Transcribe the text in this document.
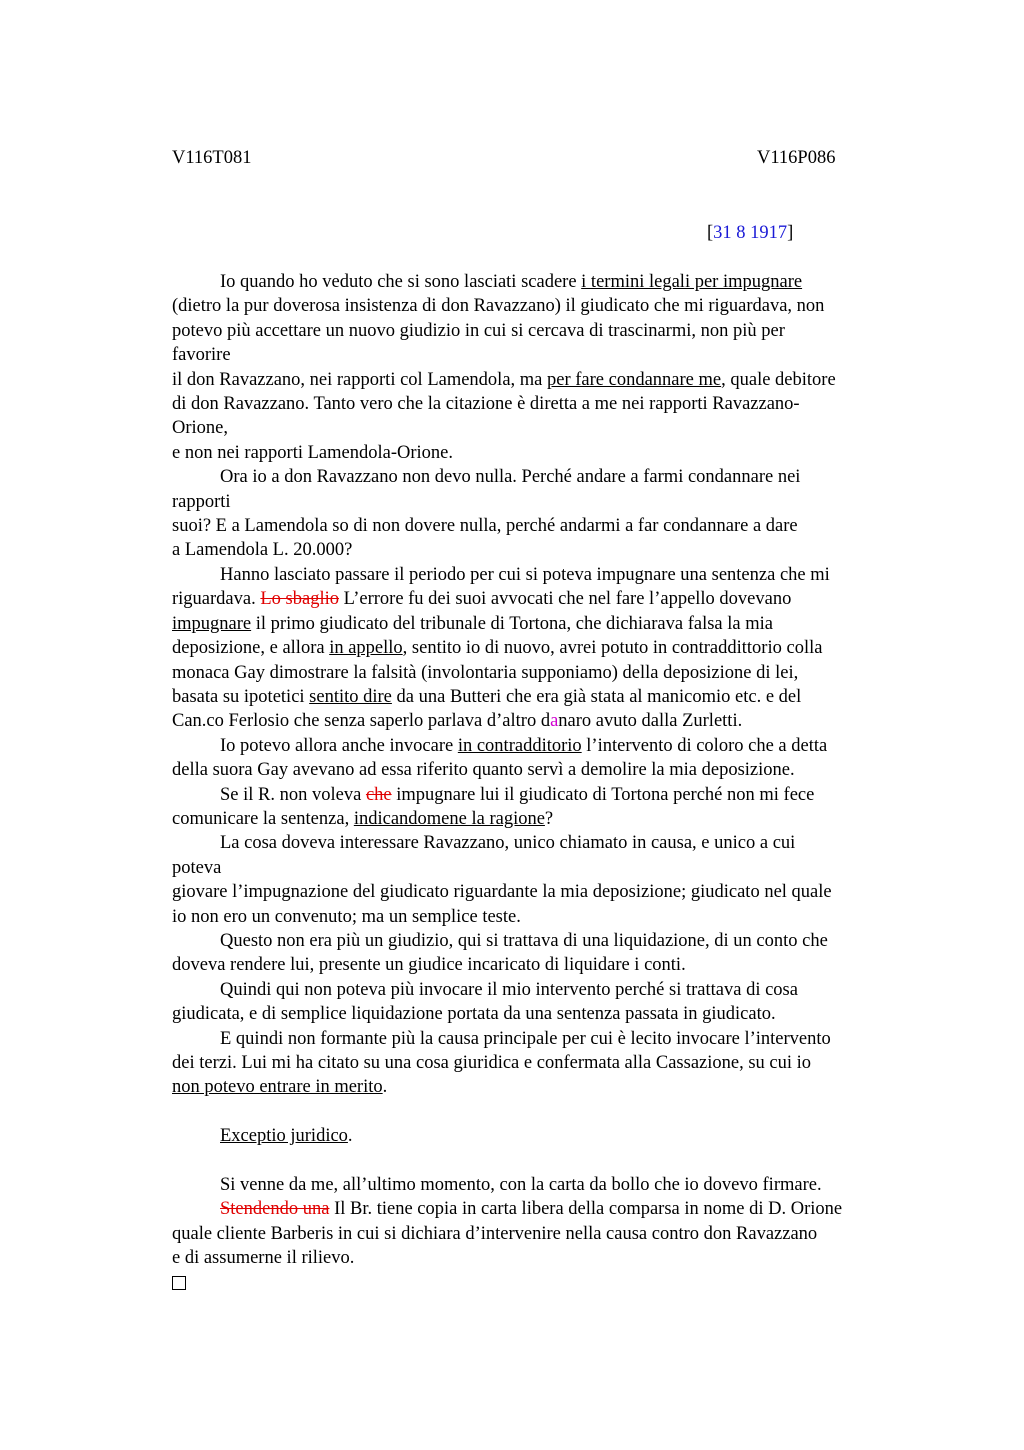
V116T081	V116P086
[31 8 1917]
Io quando ho veduto che si sono lasciati scadere i termini legali per impugnare
(dietro la pur doverosa insistenza di don Ravazzano) il giudicato che mi riguardava, non
potevo più accettare un nuovo giudizio in cui si cercava di trascinarmi, non più per
favorire
il don Ravazzano, nei rapporti col Lamendola, ma per fare condannare me, quale debitore
di don Ravazzano. Tanto vero che la citazione è diretta a me nei rapporti Ravazzano-
Orione,
e non nei rapporti Lamendola-Orione.
Ora io a don Ravazzano non devo nulla. Perché andare a farmi condannare nei
rapporti
suoi? E a Lamendola so di non dovere nulla, perché andarmi a far condannare a dare
a Lamendola L. 20.000?
Hanno lasciato passare il periodo per cui si poteva impugnare una sentenza che mi
riguardava. Lo sbaglio L’errore fu dei suoi avvocati che nel fare l’appello dovevano
impugnare il primo giudicato del tribunale di Tortona, che dichiarava falsa la mia
deposizione, e allora in appello, sentito io di nuovo, avrei potuto in contraddittorio colla
monaca Gay dimostrare la falsità (involontaria supponiamo) della deposizione di lei,
basata su ipotetici sentito dire da una Butteri che era già stata al manicomio etc. e del
Can.co Ferlosio che senza saperlo parlava d’altro danaro avuto dalla Zurletti.
Io potevo allora anche invocare in contradditorio l’intervento di coloro che a detta
della suora Gay avevano ad essa riferito quanto servì a demolire la mia deposizione.
Se il R. non voleva che impugnare lui il giudicato di Tortona perché non mi fece
comunicare la sentenza, indicandomene la ragione?
La cosa doveva interessare Ravazzano, unico chiamato in causa, e unico a cui
poteva
giovare l’impugnazione del giudicato riguardante la mia deposizione; giudicato nel quale
io non ero un convenuto; ma un semplice teste.
Questo non era più un giudizio, qui si trattava di una liquidazione, di un conto che
doveva rendere lui, presente un giudice incaricato di liquidare i conti.
Quindi qui non poteva più invocare il mio intervento perché si trattava di cosa
giudicata, e di semplice liquidazione portata da una sentenza passata in giudicato.
E quindi non formante più la causa principale per cui è lecito invocare l’intervento
dei terzi. Lui mi ha citato su una cosa giuridica e confermata alla Cassazione, su cui io
non potevo entrare in merito.
Exceptio juridico.
Si venne da me, all’ultimo momento, con la carta da bollo che io dovevo firmare.
Stendendo una Il Br. tiene copia in carta libera della comparsa in nome di D. Orione
quale cliente Barberis in cui si dichiara d’intervenire nella causa contro don Ravazzano
e di assumerne il rilievo.
